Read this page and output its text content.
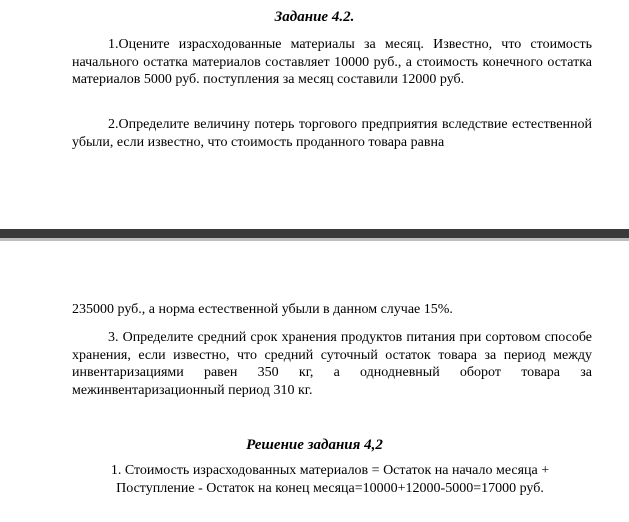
Задание 4.2.
1.Оцените израсходованные материалы за месяц. Известно, что стоимость начального остатка материалов составляет 10000 руб., а стоимость конечного остатка материалов 5000 руб. поступления за месяц составили 12000 руб.
2.Определите величину потерь торгового предприятия вследствие естественной убыли, если известно, что стоимость проданного товара равна
235000 руб., а норма естественной убыли в данном случае 15%.
3. Определите средний срок хранения продуктов питания при сортовом способе хранения, если известно, что средний суточный остаток товара за период между инвентаризациями равен 350 кг, а однодневный оборот товара за межинвентаризационный период 310 кг.
Решение задания 4,2
1. Стоимость израсходованных материалов = Остаток на начало месяца + Поступление - Остаток на конец месяца=10000+12000-5000=17000 руб.
